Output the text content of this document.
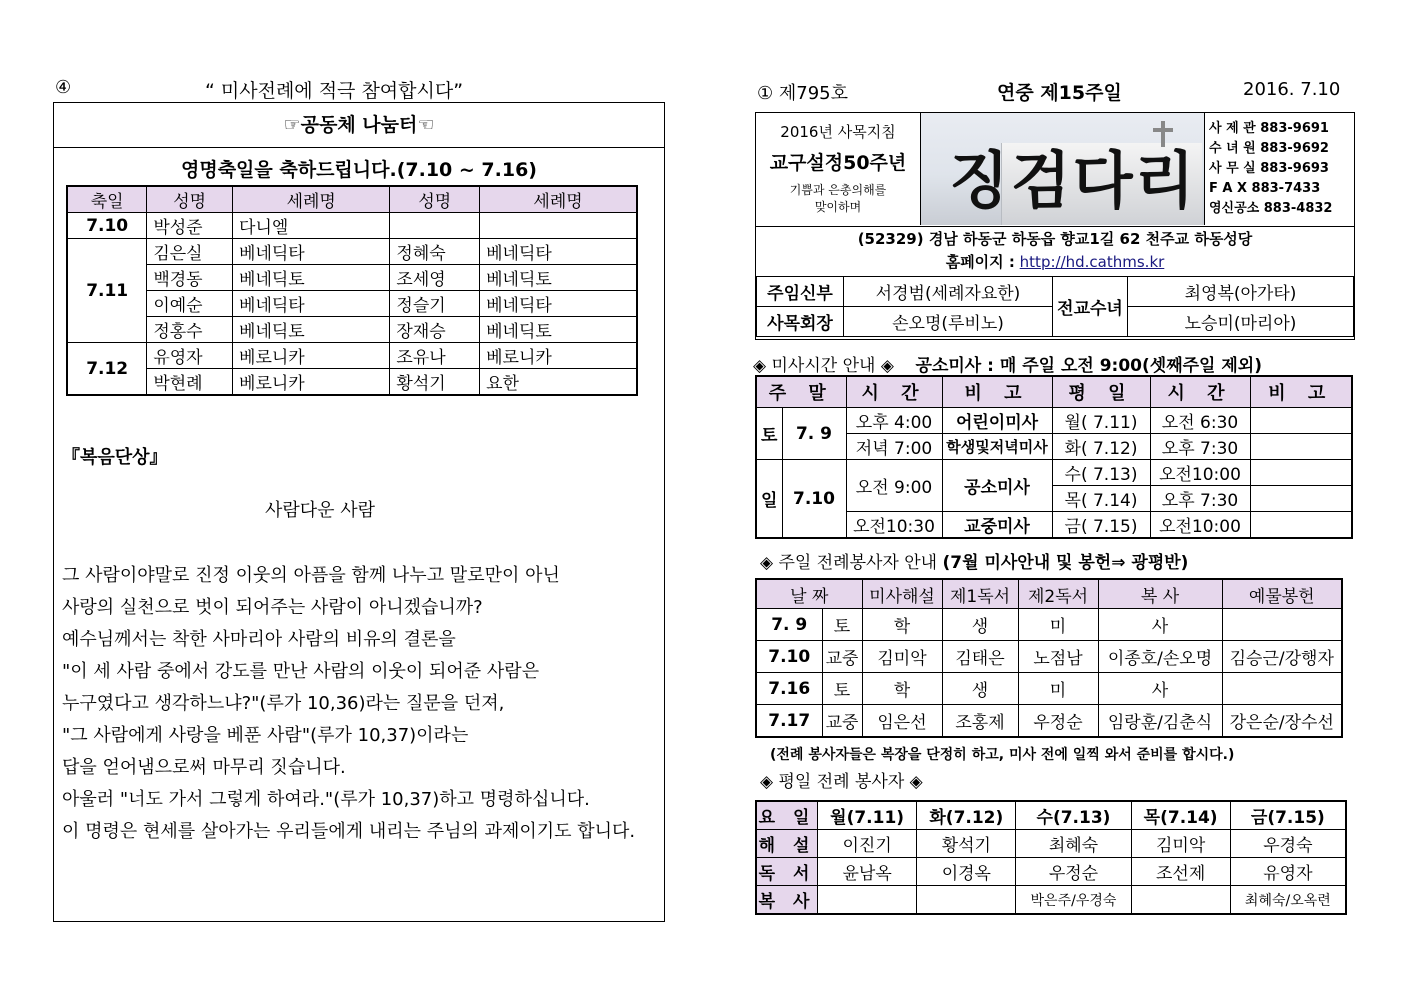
④	“ 미사전례에 적극 참여합시다”
☞공동체 나눔터☜
영명축일을 축하드립니다.(7.10 ~ 7.16)
축일	성명	세례명	성명	세례명
7.10	박성준	다니엘		
7.11	김은실	베네딕타	정혜숙	베네딕타
	백경동	베네딕토	조세영	베네딕토
	이예순	베네딕타	정슬기	베네딕타
	정홍수	베네딕토	장재승	베네딕토
7.12	유영자	베로니카	조유나	베로니카
	박현례	베로니카	황석기	요한
『복음단상』
사람다운 사람
그 사람이야말로 진정 이웃의 아픔을 함께 나누고 말로만이 아닌
사랑의 실천으로 벗이 되어주는 사람이 아니겠습니까?
예수님께서는 착한 사마리아 사람의 비유의 결론을
"이 세 사람 중에서 강도를 만난 사람의 이웃이 되어준 사람은
누구였다고 생각하느냐?"(루가 10,36)라는 질문을 던져,
"그 사람에게 사랑을 베푼 사람"(루가 10,37)이라는
답을 얻어냄으로써 마무리 짓습니다.
아울러 "너도 가서 그렇게 하여라."(루가 10,37)하고 명령하십니다.
이 명령은 현세를 살아가는 우리들에게 내리는 주님의 과제이기도 합니다.
① 제795호	연중 제15주일	2016. 7.10
2016년 사목지침
교구설정50주년
기쁨과 은총의해를
맞이하며	징검다리
사 제 관 883-9691
수 녀 원 883-9692
사 무 실 883-9693
F A X 883-7433
영신공소 883-4832
(52329) 경남 하동군 하동읍 향교1길 62 천주교 하동성당
홈페이지 : http://hd.cathms.kr
주임신부	서경범(세례자요한)	전교수녀	최영복(아가타)
사목회장	손오명(루비노)		노승미(마리아)
◈ 미사시간 안내 ◈ 공소미사 : 매 주일 오전 9:00(셋째주일 제외)
주 말		시 간	비 고	평 일	시 간	비 고
토	7. 9	오후 4:00	어린이미사	월( 7.11)	오전 6:30	
		저녁 7:00	학생및저녁미사	화( 7.12)	오후 7:30	
일	7.10	오전 9:00	공소미사	수( 7.13)	오전10:00	
				목( 7.14)	오후 7:30	
		오전10:30	교중미사	금( 7.15)	오전10:00	
◈ 주일 전례봉사자 안내 (7월 미사안내 및 봉헌⇒ 광평반)
날 짜		미사해설	제1독서	제2독서	복 사	예물봉헌
7. 9	토	학	생	미	사	
7.10	교중	김미악	김태은	노점남	이종호/손오명	김승근/강행자
7.16	토	학	생	미	사	
7.17	교중	임은선	조홍제	우정순	임랑훈/김춘식	강은순/장수선
(전례 봉사자들은 복장을 단정히 하고, 미사 전에 일찍 와서 준비를 합시다.)
◈ 평일 전례 봉사자 ◈
요 일	월(7.11)	화(7.12)	수(7.13)	목(7.14)	금(7.15)
해 설	이진기	황석기	최혜숙	김미악	우경숙
독 서	윤남옥	이경옥	우정순	조선제	유영자
복 사			박은주/우경숙		최혜숙/오옥련
